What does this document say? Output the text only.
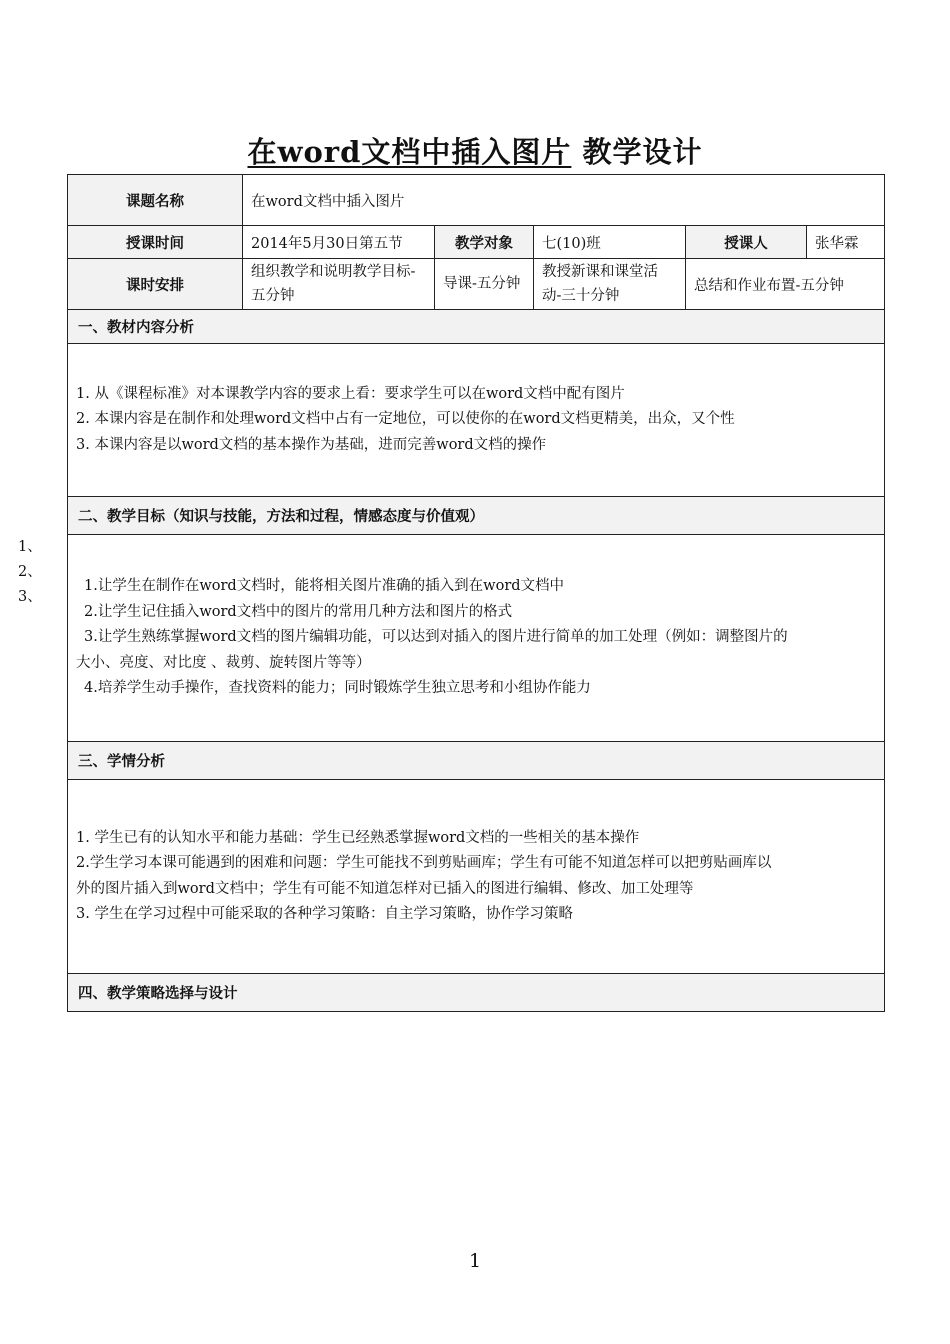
在word文档中插入图片 教学设计
课题名称	在word文档中插入图片				
授课时间	2014年5月30日第五节	教学对象	七(10)班	授课人	张华霖
课时安排	组织教学和说明教学目标-五分钟	导课-五分钟	教授新课和课堂活动-三十分钟	总结和作业布置-五分钟	
一、教材内容分析					

1. 从《课程标准》对本课教学内容的要求上看：要求学生可以在word文档中配有图片
2. 本课内容是在制作和处理word文档中占有一定地位，可以使你的在word文档更精美，出众，又个性
3. 本课内容是以word文档的基本操作为基础，进而完善word文档的操作					

二、教学目标（知识与技能，方法和过程，情感态度与价值观）					

1.让学生在制作在word文档时，能将相关图片准确的插入到在word文档中
2.让学生记住插入word文档中的图片的常用几种方法和图片的格式
3.让学生熟练掌握word文档的图片编辑功能，可以达到对插入的图片进行简单的加工处理（例如：调整图片的
大小、亮度、对比度 、裁剪、旋转图片等等）
4.培养学生动手操作，查找资料的能力；同时锻炼学生独立思考和小组协作能力					

三、学情分析					

1. 学生已有的认知水平和能力基础：学生已经熟悉掌握word文档的一些相关的基本操作
2.学生学习本课可能遇到的困难和问题：学生可能找不到剪贴画库；学生有可能不知道怎样可以把剪贴画库以
外的图片插入到word文档中；学生有可能不知道怎样对已插入的图进行编辑、修改、加工处理等
3. 学生在学习过程中可能采取的各种学习策略：自主学习策略，协作学习策略					

四、教学策略选择与设计					
1、
2、
3、
1
